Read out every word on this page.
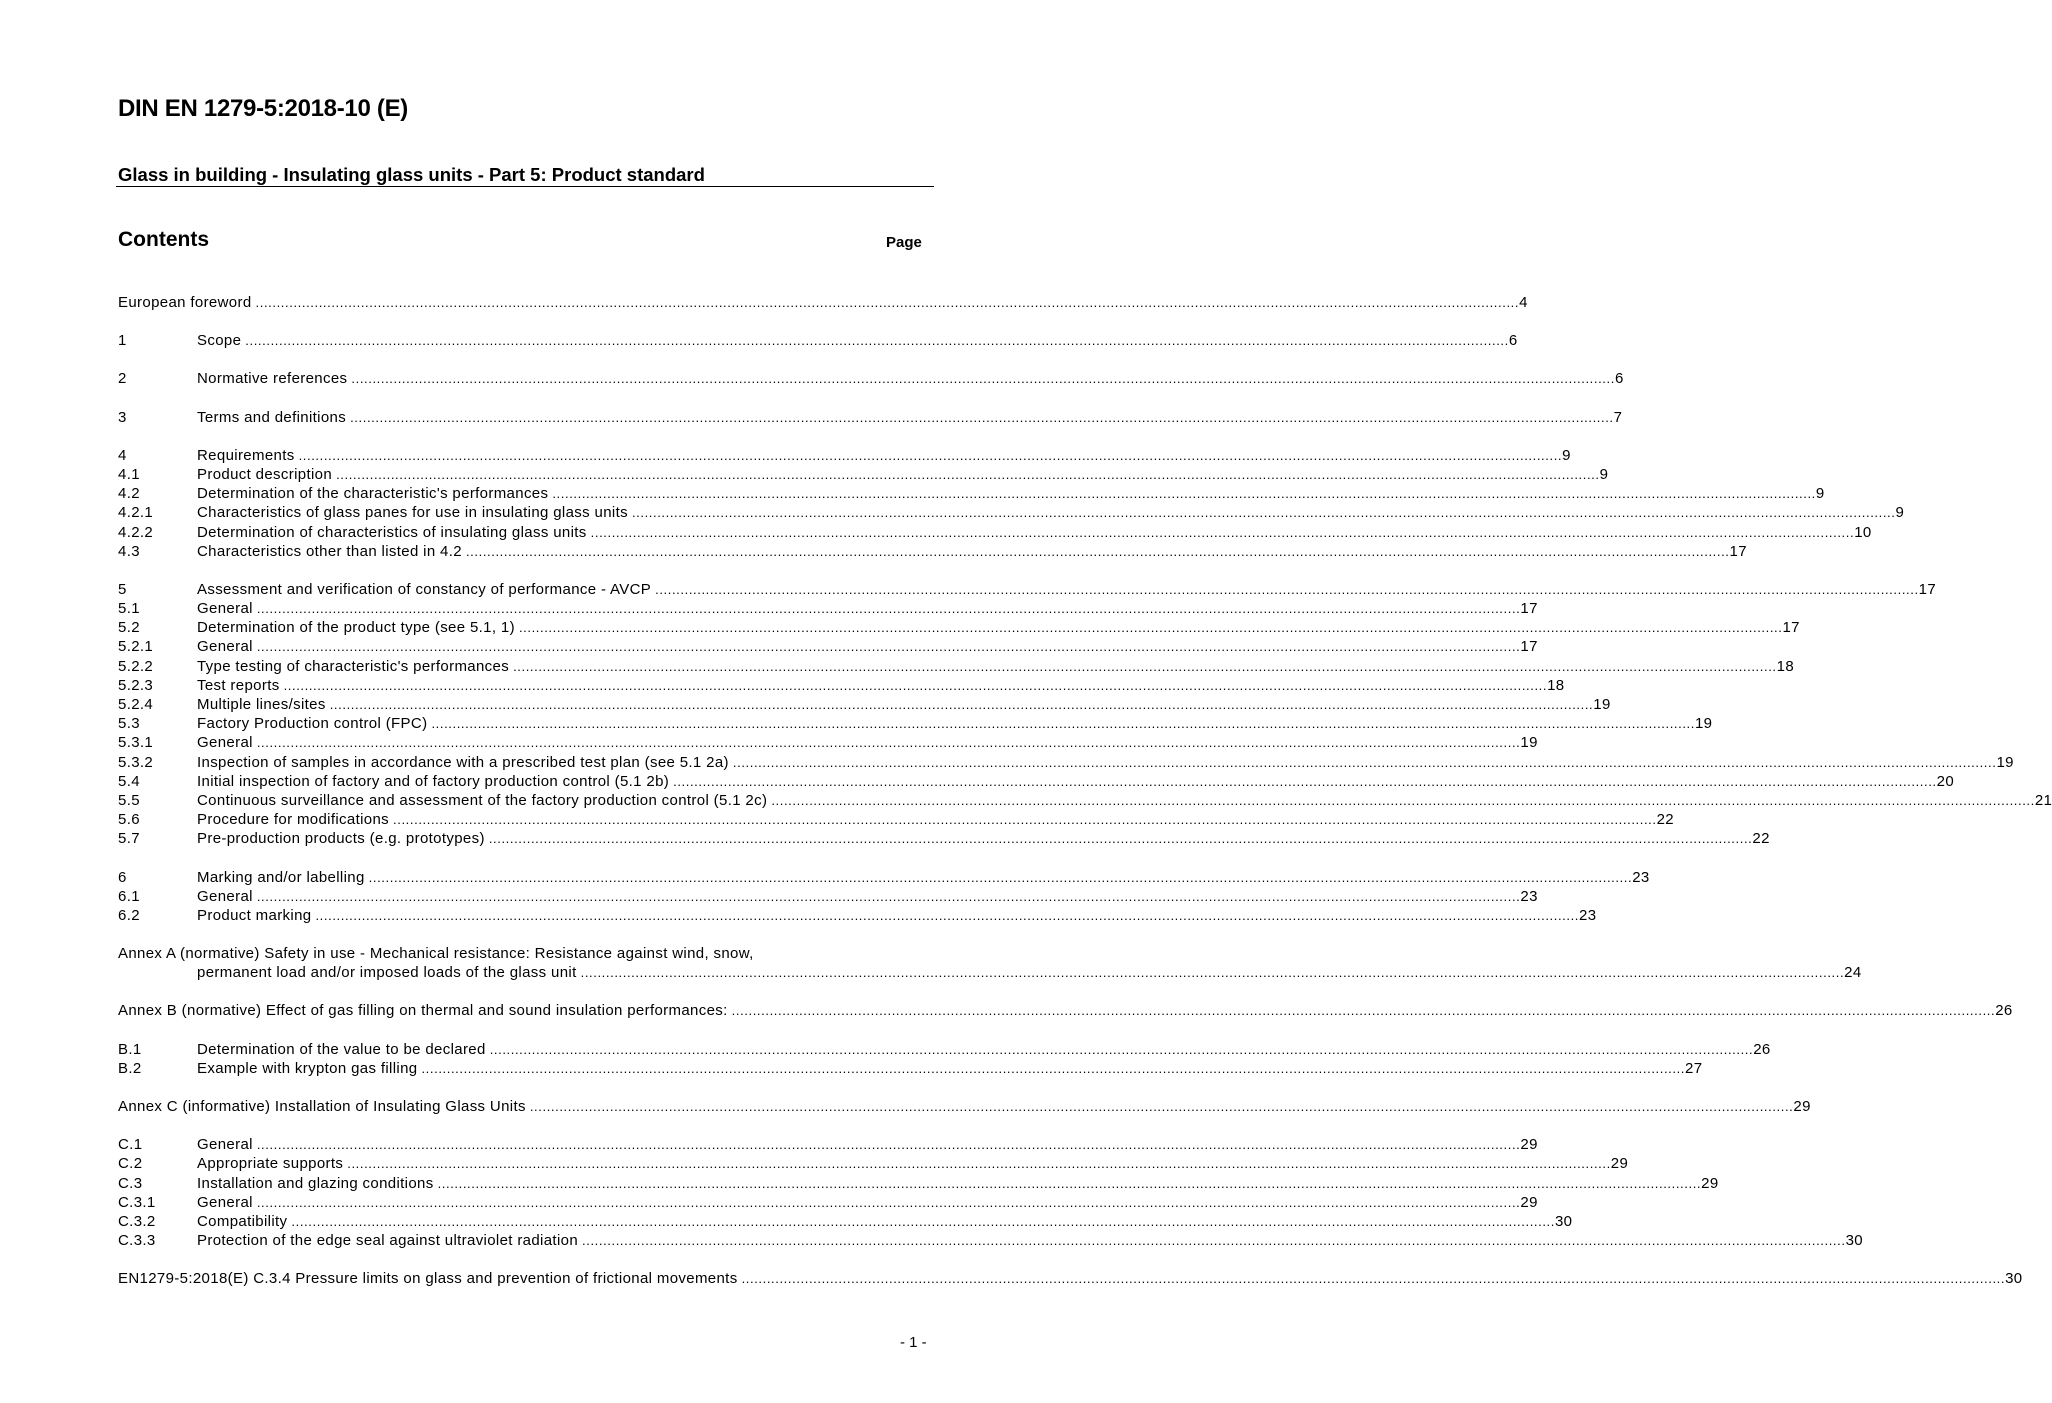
DIN EN 1279-5:2018-10 (E)
Glass in building - Insulating glass units - Part 5: Product standard
Contents	Page
European foreword ............................................................................................................................................................................................................................................................................................................ 4
1	Scope ............................................................................................................................................................................................................................................................................................................ 6
2	Normative references ............................................................................................................................................................................................................................................................................................................ 6
3	Terms and definitions ............................................................................................................................................................................................................................................................................................................ 7
4	Requirements ............................................................................................................................................................................................................................................................................................................ 9
4.1	Product description ............................................................................................................................................................................................................................................................................................................ 9
4.2	Determination of the characteristic's performances ............................................................................................................................................................................................................................................................................................................ 9
4.2.1	Characteristics of glass panes for use in insulating glass units ............................................................................................................................................................................................................................................................................................................ 9
4.2.2	Determination of characteristics of insulating glass units ............................................................................................................................................................................................................................................................................................................ 10
4.3	Characteristics other than listed in 4.2 ............................................................................................................................................................................................................................................................................................................ 17
5	Assessment and verification of constancy of performance - AVCP ............................................................................................................................................................................................................................................................................................................ 17
5.1	General ............................................................................................................................................................................................................................................................................................................ 17
5.2	Determination of the product type (see 5.1, 1) ............................................................................................................................................................................................................................................................................................................ 17
5.2.1	General ............................................................................................................................................................................................................................................................................................................ 17
5.2.2	Type testing of characteristic's performances ............................................................................................................................................................................................................................................................................................................ 18
5.2.3	Test reports ............................................................................................................................................................................................................................................................................................................ 18
5.2.4	Multiple lines/sites ............................................................................................................................................................................................................................................................................................................ 19
5.3	Factory Production control (FPC) ............................................................................................................................................................................................................................................................................................................ 19
5.3.1	General ............................................................................................................................................................................................................................................................................................................ 19
5.3.2	Inspection of samples in accordance with a prescribed test plan (see 5.1 2a) ............................................................................................................................................................................................................................................................................................................ 19
5.4	Initial inspection of factory and of factory production control (5.1 2b) ............................................................................................................................................................................................................................................................................................................ 20
5.5	Continuous surveillance and assessment of the factory production control (5.1 2c) ............................................................................................................................................................................................................................................................................................................ 21
5.6	Procedure for modifications ............................................................................................................................................................................................................................................................................................................ 22
5.7	Pre-production products (e.g. prototypes) ............................................................................................................................................................................................................................................................................................................ 22
6	Marking and/or labelling ............................................................................................................................................................................................................................................................................................................ 23
6.1	General ............................................................................................................................................................................................................................................................................................................ 23
6.2	Product marking ............................................................................................................................................................................................................................................................................................................ 23
Annex A (normative) Safety in use - Mechanical resistance: Resistance against wind, snow,
permanent load and/or imposed loads of the glass unit ............................................................................................................................................................................................................................................................................................................ 24
Annex B (normative) Effect of gas filling on thermal and sound insulation performances: ............................................................................................................................................................................................................................................................................................................ 26
B.1	Determination of the value to be declared ............................................................................................................................................................................................................................................................................................................ 26
B.2	Example with krypton gas filling ............................................................................................................................................................................................................................................................................................................ 27
Annex C (informative) Installation of Insulating Glass Units ............................................................................................................................................................................................................................................................................................................ 29
C.1	General ............................................................................................................................................................................................................................................................................................................ 29
C.2	Appropriate supports ............................................................................................................................................................................................................................................................................................................ 29
C.3	Installation and glazing conditions ............................................................................................................................................................................................................................................................................................................ 29
C.3.1	General ............................................................................................................................................................................................................................................................................................................ 29
C.3.2	Compatibility ............................................................................................................................................................................................................................................................................................................ 30
C.3.3	Protection of the edge seal against ultraviolet radiation ............................................................................................................................................................................................................................................................................................................ 30
EN1279-5:2018(E) C.3.4 Pressure limits on glass and prevention of frictional movements ............................................................................................................................................................................................................................................................................................................ 30
- 1 -
